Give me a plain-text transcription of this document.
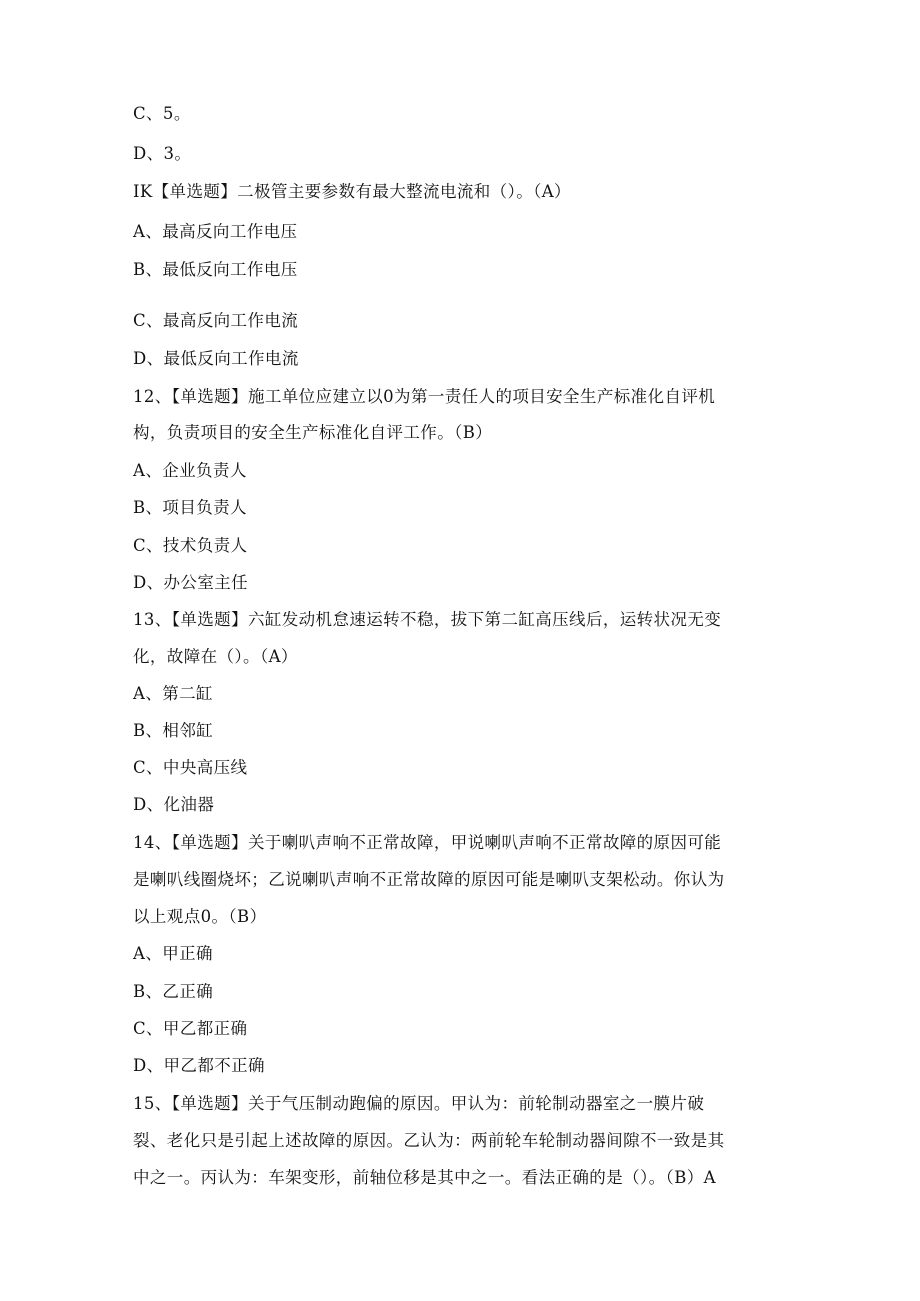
C、5。
D、3。
IK【单选题】二极管主要参数有最大整流电流和（）。（A）
A、最高反向工作电压
B、最低反向工作电压
C、最高反向工作电流
D、最低反向工作电流
12、【单选题】施工单位应建立以0为第一责任人的项目安全生产标准化自评机
构，负责项目的安全生产标准化自评工作。（B）
A、企业负责人
B、项目负责人
C、技术负责人
D、办公室主任
13、【单选题】六缸发动机怠速运转不稳，拔下第二缸高压线后，运转状况无变
化，故障在（）。（A）
A、第二缸
B、相邻缸
C、中央高压线
D、化油器
14、【单选题】关于喇叭声响不正常故障，甲说喇叭声响不正常故障的原因可能
是喇叭线圈烧坏；乙说喇叭声响不正常故障的原因可能是喇叭支架松动。你认为
以上观点0。（B）
A、甲正确
B、乙正确
C、甲乙都正确
D、甲乙都不正确
15、【单选题】关于气压制动跑偏的原因。甲认为：前轮制动器室之一膜片破
裂、老化只是引起上述故障的原因。乙认为：两前轮车轮制动器间隙不一致是其
中之一。丙认为：车架变形，前轴位移是其中之一。看法正确的是（）。（B）A
